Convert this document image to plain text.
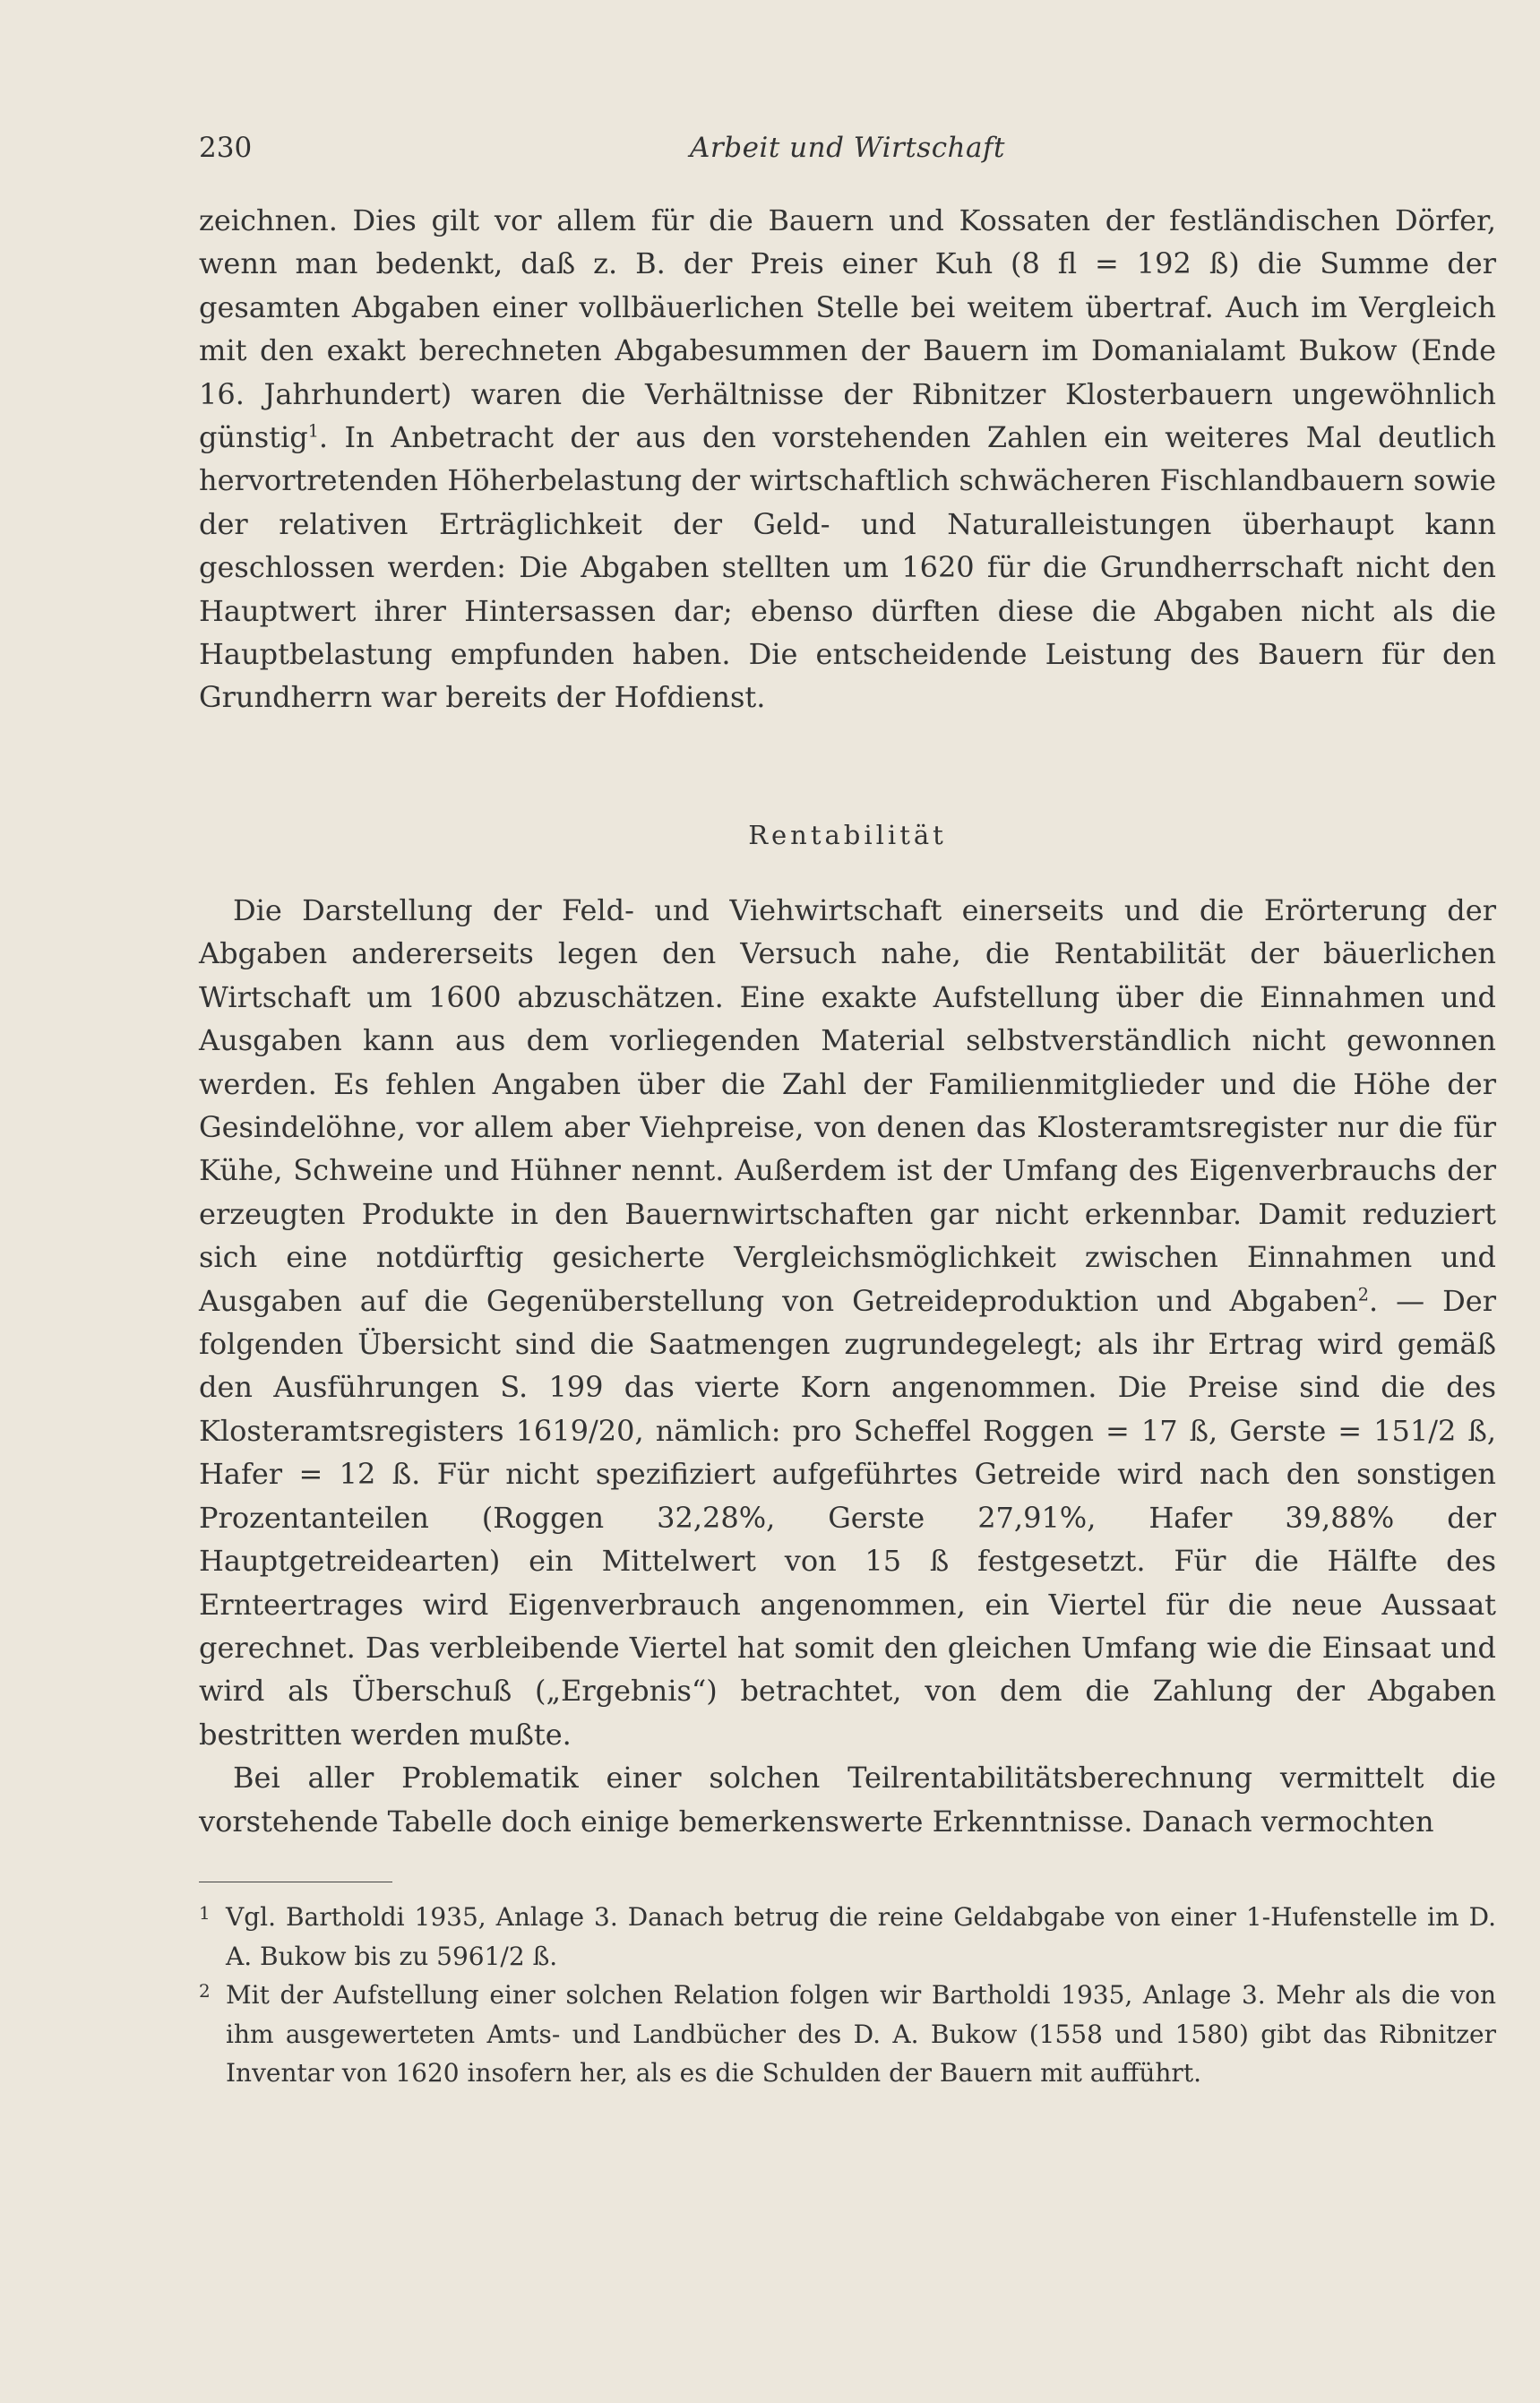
230	Arbeit und Wirtschaft

zeichnen. Dies gilt vor allem für die Bauern und Kossaten der festländischen Dörfer, wenn man bedenkt, daß z. B. der Preis einer Kuh (8 fl = 192 ß) die Summe der gesamten Abgaben einer vollbäuerlichen Stelle bei weitem übertraf. Auch im Vergleich mit den exakt berechneten Abgabesummen der Bauern im Domanialamt Bukow (Ende 16. Jahrhundert) waren die Verhältnisse der Ribnitzer Klosterbauern ungewöhnlich günstig$^1$. In Anbetracht der aus den vorstehenden Zahlen ein weiteres Mal deutlich hervortretenden Höherbelastung der wirtschaftlich schwächeren Fischlandbauern sowie der relativen Erträglichkeit der Geld- und Naturalleistungen überhaupt kann geschlossen werden: Die Abgaben stellten um 1620 für die Grundherrschaft nicht den Hauptwert ihrer Hintersassen dar; ebenso dürften diese die Abgaben nicht als die Hauptbelastung empfunden haben. Die entscheidende Leistung des Bauern für den Grundherrn war bereits der Hofdienst.

Rentabilität

Die Darstellung der Feld- und Viehwirtschaft einerseits und die Erörterung der Abgaben andererseits legen den Versuch nahe, die Rentabilität der bäuerlichen Wirtschaft um 1600 abzuschätzen. Eine exakte Aufstellung über die Einnahmen und Ausgaben kann aus dem vorliegenden Material selbstverständlich nicht gewonnen werden. Es fehlen Angaben über die Zahl der Familienmitglieder und die Höhe der Gesindelöhne, vor allem aber Viehpreise, von denen das Klosteramtsregister nur die für Kühe, Schweine und Hühner nennt. Außerdem ist der Umfang des Eigenverbrauchs der erzeugten Produkte in den Bauernwirtschaften gar nicht erkennbar. Damit reduziert sich eine notdürftig gesicherte Vergleichsmöglichkeit zwischen Einnahmen und Ausgaben auf die Gegenüberstellung von Getreideproduktion und Abgaben$^2$. — Der folgenden Übersicht sind die Saatmengen zugrundegelegt; als ihr Ertrag wird gemäß den Ausführungen S. 199 das vierte Korn angenommen. Die Preise sind die des Klosteramtsregisters 1619/20, nämlich: pro Scheffel Roggen = 17 ß, Gerste = 151/2 ß, Hafer = 12 ß. Für nicht spezifiziert aufgeführtes Getreide wird nach den sonstigen Prozentanteilen (Roggen 32,28%, Gerste 27,91%, Hafer 39,88% der Hauptgetreidearten) ein Mittelwert von 15 ß festgesetzt. Für die Hälfte des Ernteertrages wird Eigenverbrauch angenommen, ein Viertel für die neue Aussaat gerechnet. Das verbleibende Viertel hat somit den gleichen Umfang wie die Einsaat und wird als Überschuß („Ergebnis“) betrachtet, von dem die Zahlung der Abgaben bestritten werden mußte.

Bei aller Problematik einer solchen Teilrentabilitätsberechnung vermittelt die vorstehende Tabelle doch einige bemerkenswerte Erkenntnisse. Danach vermochten

1 Vgl. Bartholdi 1935, Anlage 3. Danach betrug die reine Geldabgabe von einer 1-Hufenstelle im D. A. Bukow bis zu 5961/2 ß.

2 Mit der Aufstellung einer solchen Relation folgen wir Bartholdi 1935, Anlage 3. Mehr als die von ihm ausgewerteten Amts- und Landbücher des D. A. Bukow (1558 und 1580) gibt das Ribnitzer Inventar von 1620 insofern her, als es die Schulden der Bauern mit aufführt.
